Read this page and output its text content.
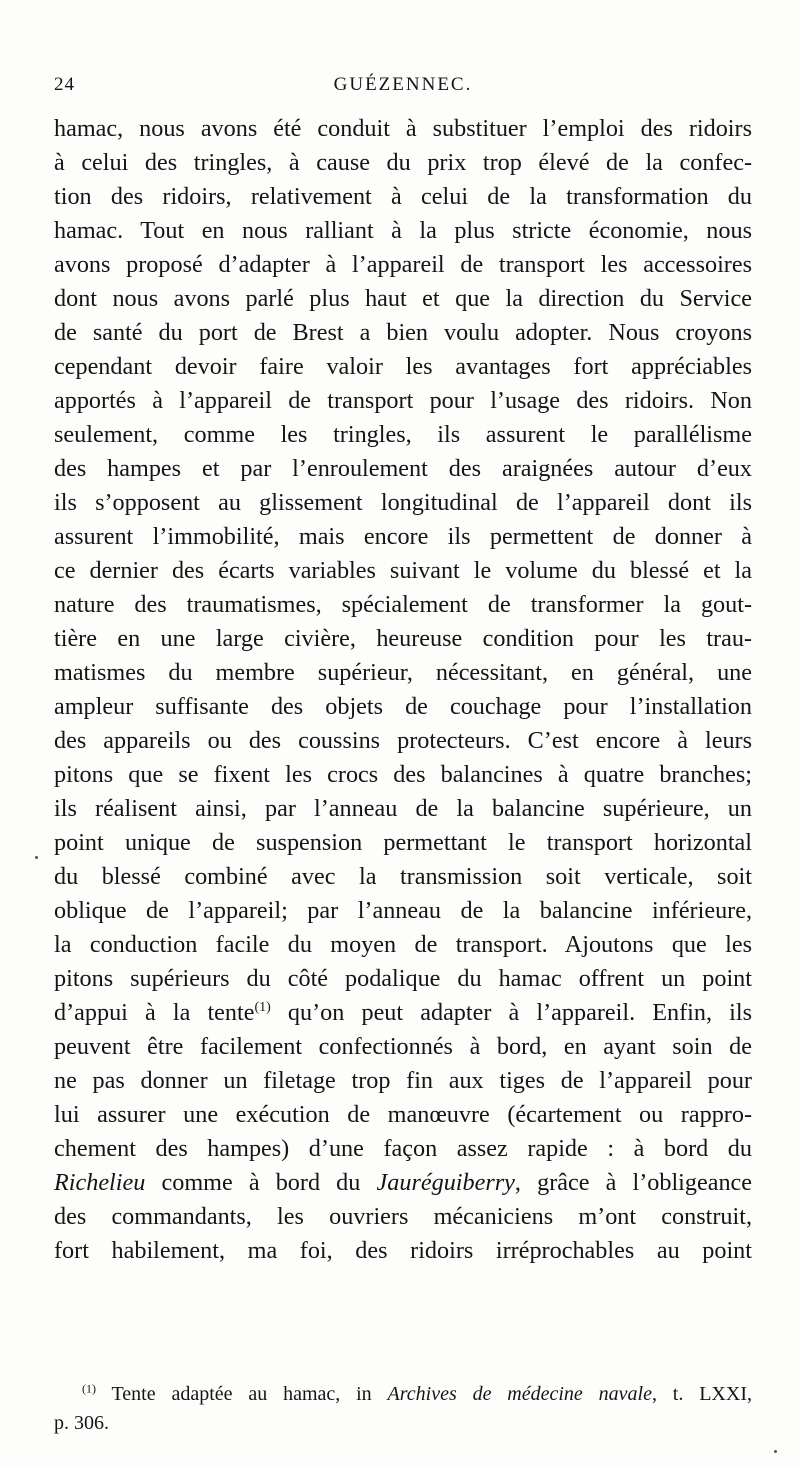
24	GUÉZENNEC.
hamac, nous avons été conduit à substituer l’emploi des ridoirs
à celui des tringles, à cause du prix trop élevé de la confec-
tion des ridoirs, relativement à celui de la transformation du
hamac. Tout en nous ralliant à la plus stricte économie, nous
avons proposé d’adapter à l’appareil de transport les accessoires
dont nous avons parlé plus haut et que la direction du Service
de santé du port de Brest a bien voulu adopter. Nous croyons
cependant devoir faire valoir les avantages fort appréciables
apportés à l’appareil de transport pour l’usage des ridoirs. Non
seulement, comme les tringles, ils assurent le parallélisme
des hampes et par l’enroulement des araignées autour d’eux
ils s’opposent au glissement longitudinal de l’appareil dont ils
assurent l’immobilité, mais encore ils permettent de donner à
ce dernier des écarts variables suivant le volume du blessé et la
nature des traumatismes, spécialement de transformer la gout-
tière en une large civière, heureuse condition pour les trau-
matismes du membre supérieur, nécessitant, en général, une
ampleur suffisante des objets de couchage pour l’installation
des appareils ou des coussins protecteurs. C’est encore à leurs
pitons que se fixent les crocs des balancines à quatre branches;
ils réalisent ainsi, par l’anneau de la balancine supérieure, un
point unique de suspension permettant le transport horizontal
du blessé combiné avec la transmission soit verticale, soit
oblique de l’appareil; par l’anneau de la balancine inférieure,
la conduction facile du moyen de transport. Ajoutons que les
pitons supérieurs du côté podalique du hamac offrent un point
d’appui à la tente$^{(1)}$ qu’on peut adapter à l’appareil. Enfin, ils
peuvent être facilement confectionnés à bord, en ayant soin de
ne pas donner un filetage trop fin aux tiges de l’appareil pour
lui assurer une exécution de manœuvre (écartement ou rappro-
chement des hampes) d’une façon assez rapide : à bord du
Richelieu comme à bord du Jauréguiberry, grâce à l’obligeance
des commandants, les ouvriers mécaniciens m’ont construit,
fort habilement, ma foi, des ridoirs irréprochables au point
$^{(1)}$ Tente adaptée au hamac, in Archives de médecine navale, t. LXXI,
p. 306.
